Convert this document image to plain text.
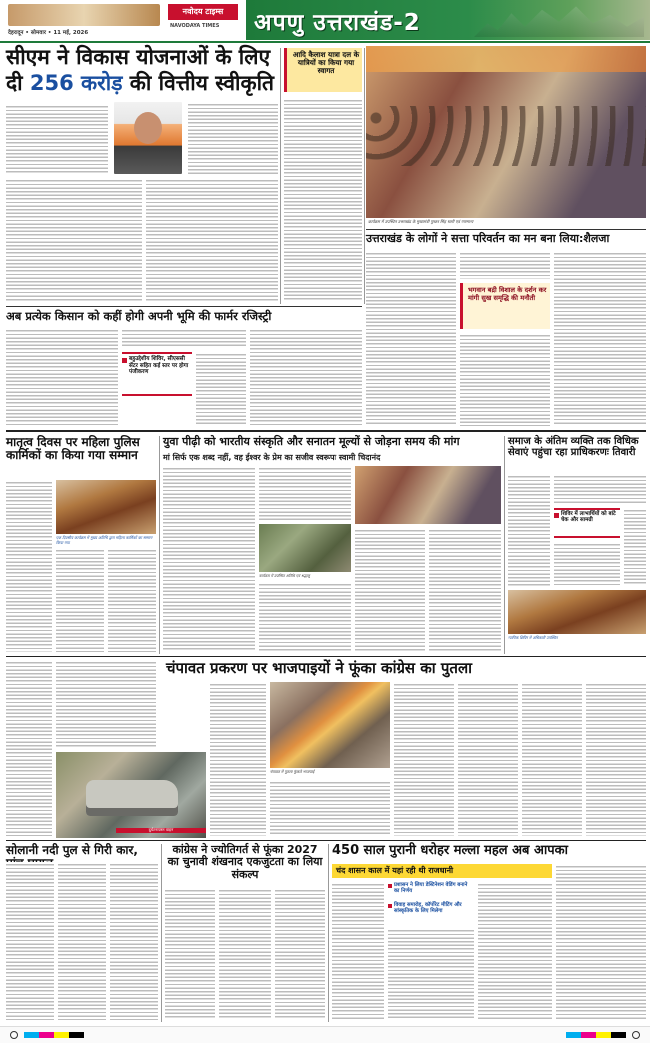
देहरादून • सोमवार • 11 मई, 2026
नवोदय टाइम्स
NAVODAYA TIMES अपणु उत्तराखंड-2
सीएम ने विकास योजनाओं के लिए
दी 256 करोड़ की वित्तीय स्वीकृति
आदि कैलाश यात्रा दल के यात्रियों का किया गया स्वागत
अब प्रत्येक किसान को कहीं होगी अपनी भूमि की फार्मर रजिस्ट्री
बहुउद्देशीय शिविर, सीएससी सेंटर सहित कई स्तर पर होगा पंजीकरण
कार्यक्रम में उपस्थित उत्तराखंड के मुख्यमंत्री पुष्कर सिंह धामी एवं गणमान्य
उत्तराखंड के लोगों ने सत्ता परिवर्तन का मन बना लिया:शैलजा
भगवान बद्री विशाल के दर्शन कर मांगी सुख समृद्धि की मनौती
मातृत्व दिवस पर महिला पुलिस कार्मिकों का किया गया सम्मान
एक दिवसीय कार्यक्रम में मुख्य अतिथि द्वारा महिला कार्मिकों का सम्मान किया गया
युवा पीढ़ी को भारतीय संस्कृति और सनातन मूल्यों से जोड़ना समय की मांग
मां सिर्फ एक शब्द नहीं, वह ईश्वर के प्रेम का सजीव स्वरूपः स्वामी चिदानंद
कार्यक्रम में उपस्थित अतिथि एवं श्रद्धालु
समाज के अंतिम व्यक्ति तक विधिक सेवाएं पहुंचा रहा प्राधिकरणः तिवारी
शिविर में लाभार्थियों को बांटे चेक और सामग्री
न्यायिक शिविर में अधिकारी उपस्थित
चंपावत प्रकरण पर भाजपाइयों ने फूंका कांग्रेस का पुतला
दुर्घटनाग्रस्त वाहन
चंपावत में पुतला फूंकते भाजपाई
सोलानी नदी पुल से गिरी कार,	कांग्रेस ने ज्योतिगर्त से फूंका 2027 का चुनावी शंखनाद एकजुटता का लिया संकल्प
450 साल पुरानी धरोहर मल्ला महल अब आपका
चंद शासन काल में यहां रही थी राजधानी
प्रशासन ने लिया डेस्टिनेशन वेडिंग बनाने का निर्णय
विवाह समारोह, कॉर्पोरेट मीटिंग और सांस्कृतिक के लिए मिलेगा
